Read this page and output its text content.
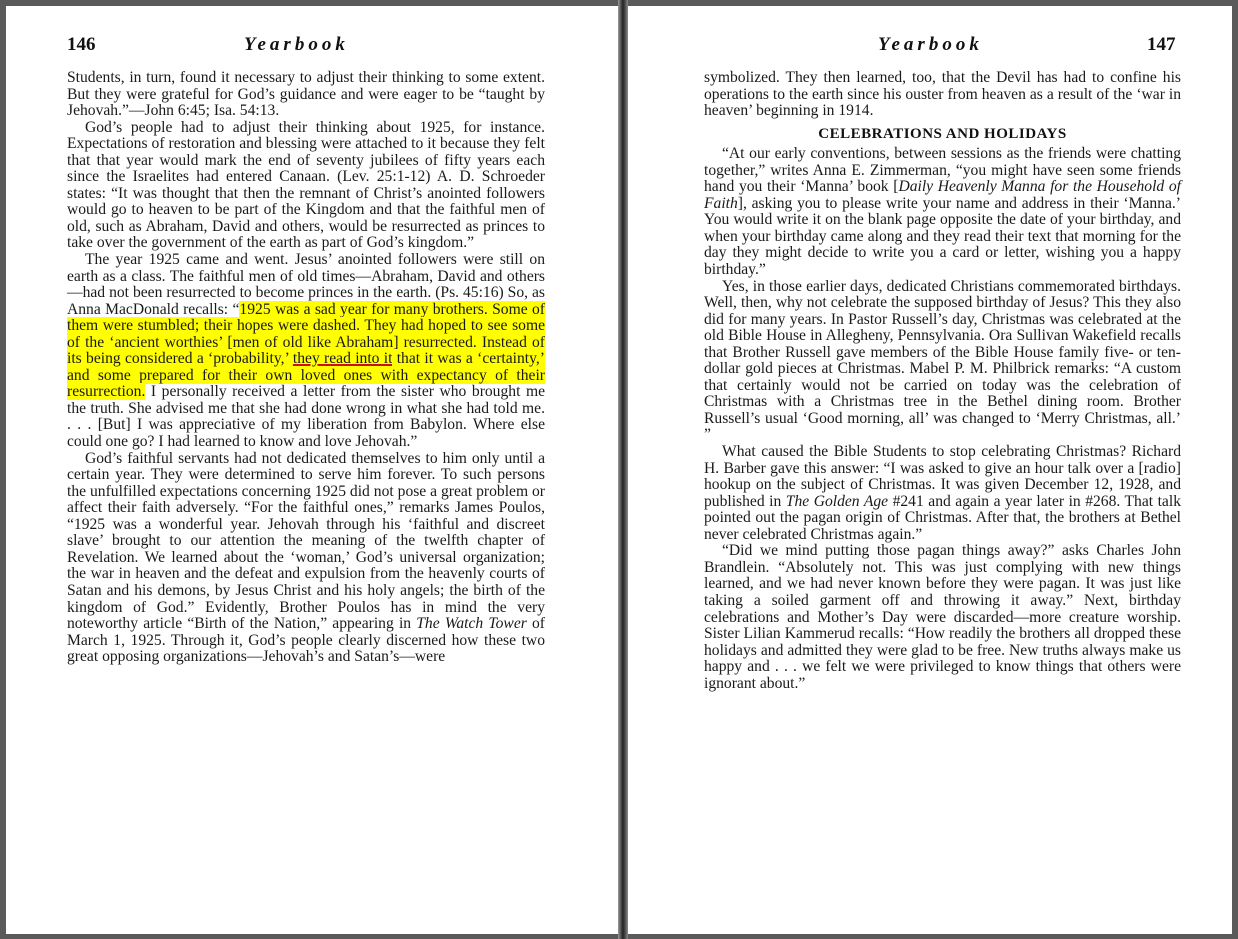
146	Yearbook

Students, in turn, found it necessary to adjust their thinking to some extent. But they were grateful for God’s guidance and were eager to be “taught by Jehovah.”—John 6:45; Isa. 54:13.

God’s people had to adjust their thinking about 1925, for instance. Expectations of restoration and blessing were attached to it because they felt that that year would mark the end of seventy jubilees of fifty years each since the Israelites had entered Canaan. (Lev. 25:1-12) A. D. Schroeder states: “It was thought that then the remnant of Christ’s anointed followers would go to heaven to be part of the Kingdom and that the faithful men of old, such as Abraham, David and others, would be resurrected as princes to take over the government of the earth as part of God’s kingdom.”

The year 1925 came and went. Jesus’ anointed followers were still on earth as a class. The faithful men of old times—Abraham, David and others—had not been resurrected to become princes in the earth. (Ps. 45:16) So, as Anna MacDonald recalls: “1925 was a sad year for many brothers. Some of them were stumbled; their hopes were dashed. They had hoped to see some of the ‘ancient worthies’ [men of old like Abraham] resurrected. Instead of its being considered a ‘probability,’ they read into it that it was a ‘certainty,’ and some prepared for their own loved ones with expectancy of their resurrection. I personally received a letter from the sister who brought me the truth. She advised me that she had done wrong in what she had told me. . . . [But] I was appreciative of my liberation from Babylon. Where else could one go? I had learned to know and love Jehovah.”

God’s faithful servants had not dedicated themselves to him only until a certain year. They were determined to serve him forever. To such persons the unfulfilled expectations concerning 1925 did not pose a great problem or affect their faith adversely. “For the faithful ones,” remarks James Poulos, “1925 was a wonderful year. Jehovah through his ‘faithful and discreet slave’ brought to our attention the meaning of the twelfth chapter of Revelation. We learned about the ‘woman,’ God’s universal organization; the war in heaven and the defeat and expulsion from the heavenly courts of Satan and his demons, by Jesus Christ and his holy angels; the birth of the kingdom of God.” Evidently, Brother Poulos has in mind the very noteworthy article “Birth of the Nation,” appearing in The Watch Tower of March 1, 1925. Through it, God’s people clearly discerned how these two great opposing organizations—Jehovah’s and Satan’s—were

Yearbook	147

symbolized. They then learned, too, that the Devil has had to confine his operations to the earth since his ouster from heaven as a result of the ‘war in heaven’ beginning in 1914.

CELEBRATIONS AND HOLIDAYS

“At our early conventions, between sessions as the friends were chatting together,” writes Anna E. Zimmerman, “you might have seen some friends hand you their ‘Manna’ book [Daily Heavenly Manna for the Household of Faith], asking you to please write your name and address in their ‘Manna.’ You would write it on the blank page opposite the date of your birthday, and when your birthday came along and they read their text that morning for the day they might decide to write you a card or letter, wishing you a happy birthday.”

Yes, in those earlier days, dedicated Christians commemorated birthdays. Well, then, why not celebrate the supposed birthday of Jesus? This they also did for many years. In Pastor Russell’s day, Christmas was celebrated at the old Bible House in Allegheny, Pennsylvania. Ora Sullivan Wakefield recalls that Brother Russell gave members of the Bible House family five- or ten-dollar gold pieces at Christmas. Mabel P. M. Philbrick remarks: “A custom that certainly would not be carried on today was the celebration of Christmas with a Christmas tree in the Bethel dining room. Brother Russell’s usual ‘Good morning, all’ was changed to ‘Merry Christmas, all.’ ”

What caused the Bible Students to stop celebrating Christmas? Richard H. Barber gave this answer: “I was asked to give an hour talk over a [radio] hookup on the subject of Christmas. It was given December 12, 1928, and published in The Golden Age #241 and again a year later in #268. That talk pointed out the pagan origin of Christmas. After that, the brothers at Bethel never celebrated Christmas again.”

“Did we mind putting those pagan things away?” asks Charles John Brandlein. “Absolutely not. This was just complying with new things learned, and we had never known before they were pagan. It was just like taking a soiled garment off and throwing it away.” Next, birthday celebrations and Mother’s Day were discarded—more creature worship. Sister Lilian Kammerud recalls: “How readily the brothers all dropped these holidays and admitted they were glad to be free. New truths always make us happy and . . . we felt we were privileged to know things that others were ignorant about.”
